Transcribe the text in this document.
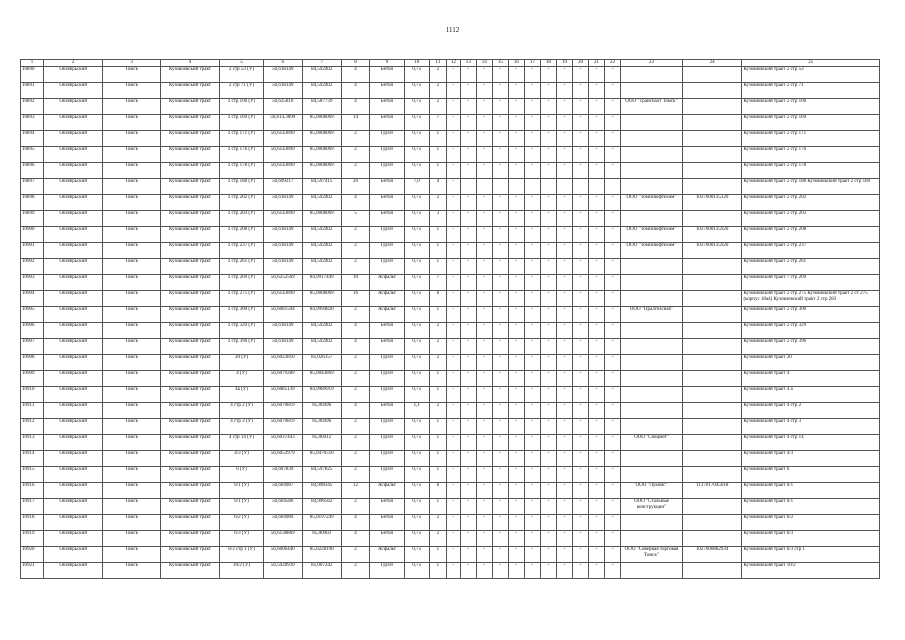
1112
1	2	3	4	5	6	7	8	9	10	11	12	13	14	15	16	17	18	19	20	21	22	23	24	25
10890	Октябрьский	Томск	Кузовлевский тракт	2 стр 53 (У)	56,618149	84,592402	4	Бетон	0,75	2	-	-	-	-	-	-	-	-	-	-	-			Кузовлевский тракт 2 стр 53
10891	Октябрьский	Томск	Кузовлевский тракт	2 стр 71 (У)	56,618149	84,592402	4	Бетон	0,75	2	-	-	-	-	-	-	-	-	-	-	-			Кузовлевский тракт 2 стр 71
10892	Октябрьский	Томск	Кузовлевский тракт	2 стр 106 (У)	56,625810	84,587739	4	Бетон	0,75	2	-	-	-	-	-	-	-	-	-	-	-	ООО "Трансбалт Томск"		Кузовлевский тракт 2 стр 106
10893	Октябрьский	Томск	Кузовлевский тракт	2 стр 169 (У)	56,614,3899	85,0008069	14	Бетон	0,75	7	-	-	-	-	-	-	-	-	-	-	-			Кузовлевский тракт 2 стр 169
10894	Октябрьский	Томск	Кузовлевский тракт	2 стр 171 (У)	56,6143899	85,0008069	2	Грунт	0,75	1	-	-	-	-	-	-	-	-	-	-	-			Кузовлевский тракт 2 стр 171
10895	Октябрьский	Томск	Кузовлевский тракт	2 стр 176 (У)	56,6143899	85,0008069	2	Грунт	0,75	1	-	-	-	-	-	-	-	-	-	-	-			Кузовлевский тракт 2 стр 176
10896	Октябрьский	Томск	Кузовлевский тракт	2 стр 178 (У)	56,6143899	85,0008069	2	Грунт	0,75	1	-	-	-	-	-	-	-	-	-	-	-			Кузовлевский тракт 2 стр 178
10897	Октябрьский	Томск	Кузовлевский тракт	2 стр 188 (У)	56,609217	84,597415	20	Бетон	7,0	4	-													Кузовлевский тракт 2 стр 188 Кузовлевский тракт 2 стр 189
10898	Октябрьский	Томск	Кузовлевский тракт	2 стр 202 (У)	56,618149	84,592402	4	Бетон	0,75	2	-	-	-	-	-	-	-	-	-	-	-	ООО "Томскнефтехим"	1037000135320	Кузовлевский тракт 2 стр 202
10899	Октябрьский	Томск	Кузовлевский тракт	2 стр 203 (У)	56,6143899	85,0008069	5	Бетон	0,75	3	-	-	-	-	-	-	-	-	-	-	-			Кузовлевский тракт 2 стр 203
10900	Октябрьский	Томск	Кузовлевский тракт	2 стр 208 (У)	56,618149	84,592402	2	Грунт	0,75	1	-	-	-	-	-	-	-	-	-	-	-	ООО "Томскнефтехим"	1037000135920	Кузовлевский тракт 2 стр 208
10901	Октябрьский	Томск	Кузовлевский тракт	2 стр 237 (У)	56,618149	84,592402	2	Грунт	0,75	1	-	-	-	-	-	-	-	-	-	-	-	ООО "Томскнефтехим"	1037000135920	Кузовлевский тракт 2 стр 237
10902	Октябрьский	Томск	Кузовлевский тракт	2 стр 261 (У)	56,618149	84,592402	2	Грунт	0,75	1	-	-	-	-	-	-	-	-	-	-	-			Кузовлевский тракт 2 стр 261
10903	Октябрьский	Томск	Кузовлевский тракт	2 стр 269 (У)	56,6252569	84,9917449	10	Асфальт	0,75	7	-	-	-	-	-	-	-	-	-	-	-			Кузовлевский тракт 7 стр 269
10904	Октябрьский	Томск	Кузовлевский тракт	2 стр 275 (У)	56,6143899	85,0008069	16	Асфальт	0,75	6	-	-	-	-	-	-	-	-	-	-	-			Кузовлевский тракт 2 стр 275 Кузовлевский тракт 2 ст 275 (корпус 18а4) Кузовлевский тракт 2 стр 283
10905	Октябрьский	Томск	Кузовлевский тракт	2 стр 300 (У)	56,6081594	84,9994820	2	Асфальт	0,75	1	-	-	-	-	-	-	-	-	-	-	-	ООО "Пралтехснаб"		Кузовлевский тракт 2 стр 300
10906	Октябрьский	Томск	Кузовлевский тракт	2 стр 329 (У)	56,618149	84,592402	4	Бетон	0,75	2	-	-	-	-	-	-	-	-	-	-	-			Кузовлевский тракт 2 стр 329
10907	Октябрьский	Томск	Кузовлевский тракт	2 стр 396 (У)	56,618149	84,592402	4	Бетон	0,75	2	-	-	-	-	-	-	-	-	-	-	-			Кузовлевский тракт 2 стр 396
10908	Октябрьский	Томск	Кузовлевский тракт	20 (У)	56,6023810	85,026157	2	Грунт	0,75	2	-	-	-	-	-	-	-	-	-	-	-			Кузовлевский тракт 20
10909	Октябрьский	Томск	Кузовлевский тракт	4 (У)	56,6079289	85,0043869	2	Грунт	0,75	1	-	-	-	-	-	-	-	-	-	-	-			Кузовлевский тракт 4
10910	Октябрьский	Томск	Кузовлевский тракт	4а (У)	56,6085139	84,9989919	2	Грунт	0,75	1	-	-	-	-	-	-	-	-	-	-	-			Кузовлевский тракт 4 а
10911	Октябрьский	Томск	Кузовлевский тракт	4 стр 2 (У)	56,6070819	85,00496	4	Бетон	1,1	2	-	-	-	-	-	-	-	-	-	-	-			Кузовлевский тракт 4 стр 2
10912	Октябрьский	Томск	Кузовлевский тракт	4 стр 3 (У)	56,6070819	85,00496	2	Грунт	0,75	1	-	-	-	-	-	-	-	-	-	-	-			Кузовлевский тракт 4 стр 3
10913	Октябрьский	Томск	Кузовлевский тракт	4 стр 14 (У)	56,6037443	85,00412	2	Грунт	0,75	1	-	-	-	-	-	-	-	-	-	-	-	ООО "Спецмет"		Кузовлевский тракт 4 стр 14
10914	Октябрьский	Томск	Кузовлевский тракт	4/3 (У)	56,6052979	85,0470510	2	Грунт	0,75	1	-	-	-	-	-	-	-	-	-	-	-			Кузовлевский тракт 4/3
10915	Октябрьский	Томск	Кузовлевский тракт	6 (У)	56,607839	84,597825	2	Грунт	0,75	1	-	-	-	-	-	-	-	-	-	-	-			Кузовлевский тракт 6
10916	Октябрьский	Томск	Кузовлевский тракт	6/1 (У)	56,604987	84,998345	12	Асфальт	0,75	6	-	-	-	-	-	-	-	-	-	-	-	ООО "Лукомс"	1137017045618	Кузовлевский тракт 6/1
10917	Октябрьский	Томск	Кузовлевский тракт	6/1 (У)	56,604586	84,996562	2	Бетон	0,75	1	-	-	-	-	-	-	-	-	-	-	-	ООО "Стальные конструкции"		Кузовлевский тракт 6/1
10918	Октябрьский	Томск	Кузовлевский тракт	6/2 (У)	56,604989	85,0197249	4	Бетон	0,75	2	-	-	-	-	-	-	-	-	-	-	-			Кузовлевский тракт 6/2
10919	Октябрьский	Томск	Кузовлевский тракт	6/3 (У)	56,6138869	85,00903	4	Бетон	0,75	2	-	-	-	-	-	-	-	-	-	-	-			Кузовлевский тракт 6/3
10920	Октябрьский	Томск	Кузовлевский тракт	6/3 стр 1 (У)	56,6006440	85,0228190	2	Асфальт	0,75	1	-	-	-	-	-	-	-	-	-	-	-	ООО "Северная торговая Томск"	1027000882934	Кузовлевский тракт 6/3 стр 1
10921	Октябрьский	Томск	Кузовлевский тракт	10/2 (У)	56,5928939	85,007242	2	Грунт	0,75	1	-	-	-	-	-	-	-	-	-	-	-			Кузовлевский тракт 10/2
